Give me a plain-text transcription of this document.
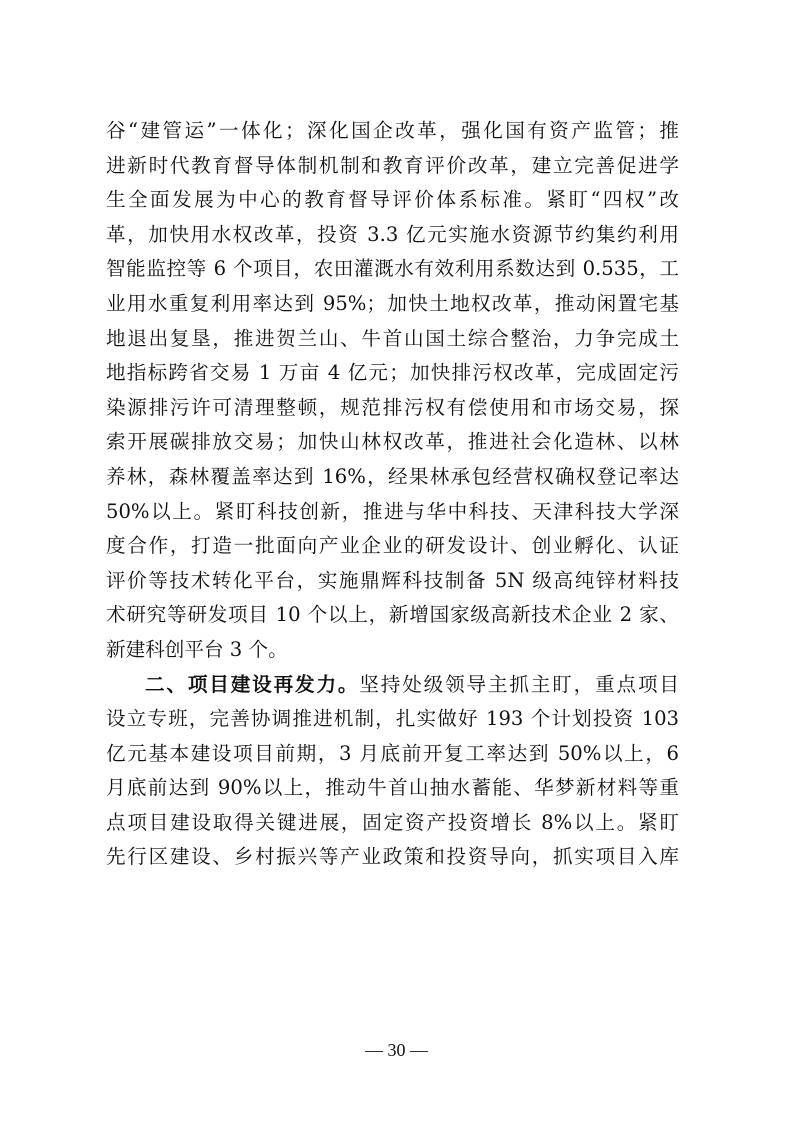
谷“建管运”一体化；深化国企改革，强化国有资产监管；推
进新时代教育督导体制机制和教育评价改革，建立完善促进学
生全面发展为中心的教育督导评价体系标准。紧盯“四权”改
革，加快用水权改革，投资 3.3 亿元实施水资源节约集约利用
智能监控等 6 个项目，农田灌溉水有效利用系数达到 0.535，工
业用水重复利用率达到 95%；加快土地权改革，推动闲置宅基
地退出复垦，推进贺兰山、牛首山国土综合整治，力争完成土
地指标跨省交易 1 万亩 4 亿元；加快排污权改革，完成固定污
染源排污许可清理整顿，规范排污权有偿使用和市场交易，探
索开展碳排放交易；加快山林权改革，推进社会化造林、以林
养林，森林覆盖率达到 16%，经果林承包经营权确权登记率达
50%以上。紧盯科技创新，推进与华中科技、天津科技大学深
度合作，打造一批面向产业企业的研发设计、创业孵化、认证
评价等技术转化平台，实施鼎辉科技制备 5N 级高纯锌材料技
术研究等研发项目 10 个以上，新增国家级高新技术企业 2 家、
新建科创平台 3 个。
二、项目建设再发力。坚持处级领导主抓主盯，重点项目
设立专班，完善协调推进机制，扎实做好 193 个计划投资 103
亿元基本建设项目前期，3 月底前开复工率达到 50%以上，6
月底前达到 90%以上，推动牛首山抽水蓄能、华梦新材料等重
点项目建设取得关键进展，固定资产投资增长 8%以上。紧盯
先行区建设、乡村振兴等产业政策和投资导向，抓实项目入库
— 30 —
